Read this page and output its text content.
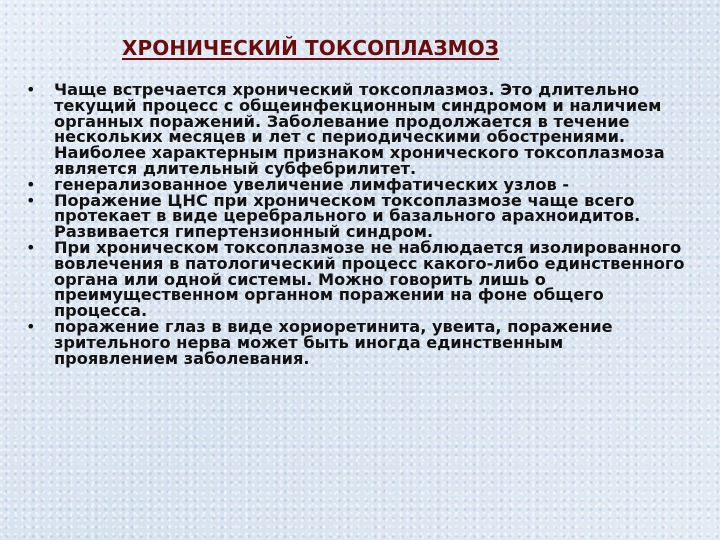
ХРОНИЧЕСКИЙ ТОКСОПЛАЗМОЗ
• Чаще встречается хронический токсоплазмоз. Это длительно текущий процесс с общеинфекционным синдромом и наличием органных поражений. Заболевание продолжается в течение нескольких месяцев и лет с периодическими обострениями. Наиболее характерным признаком хронического токсоплазмоза является длительный субфебрилитет.
• генерализованное увеличение лимфатических узлов -
• Поражение ЦНС при хроническом токсоплазмозе чаще всего протекает в виде церебрального и базального арахноидитов. Развивается гипертензионный синдром.
• При хроническом токсоплазмозе не наблюдается изолированного вовлечения в патологический процесс какого-либо единственного органа или одной системы. Можно говорить лишь о преимущественном органном поражении на фоне общего процесса.
• поражение глаз в виде хориоретинита, увеита, поражение зрительного нерва может быть иногда единственным проявлением заболевания.
